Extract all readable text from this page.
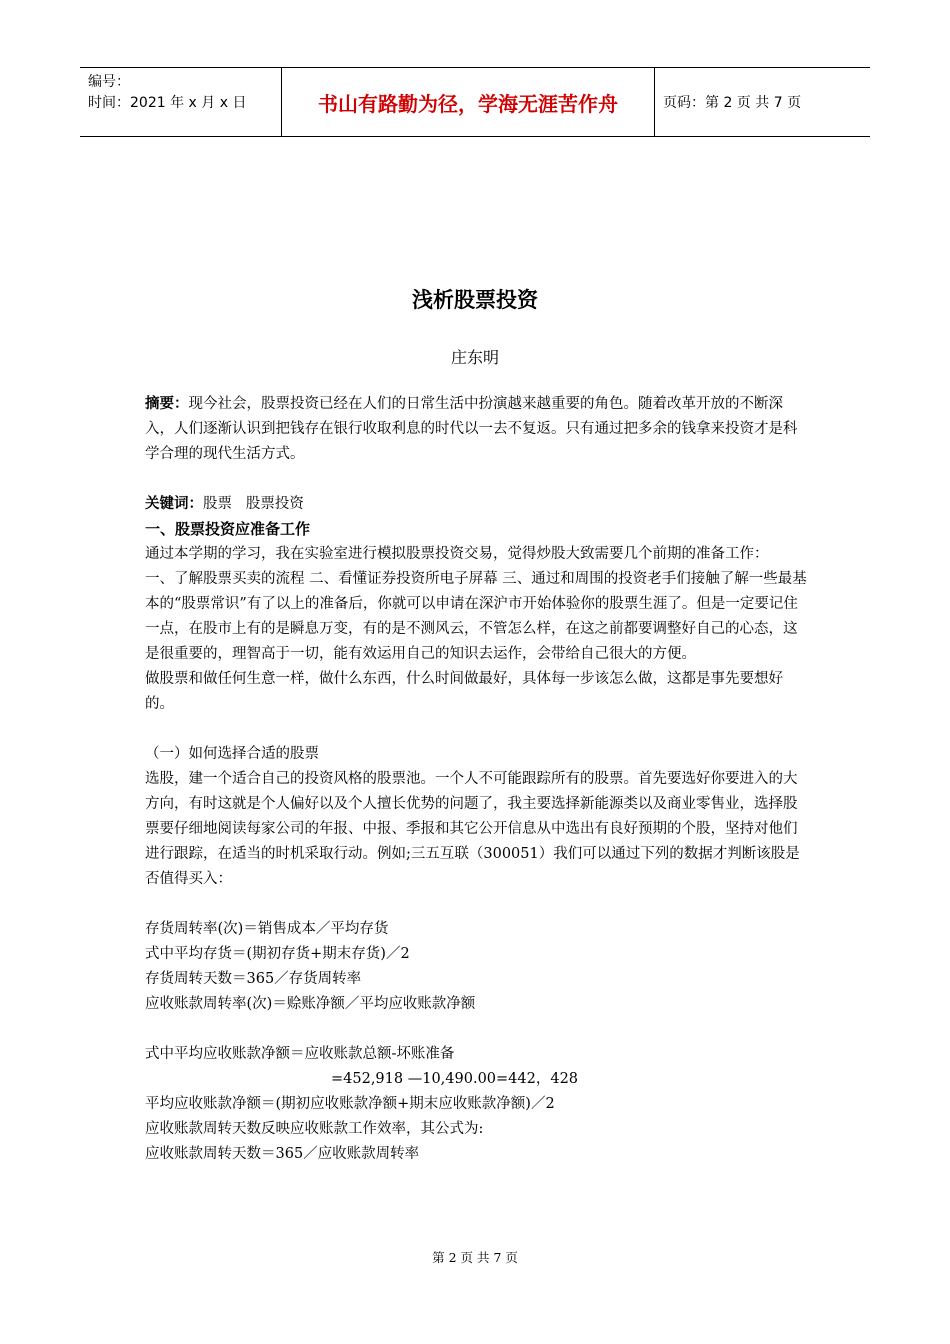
编号：
时间：2021 年 x 月 x 日	书山有路勤为径，学海无涯苦作舟	页码：第 2 页 共 7 页
浅析股票投资
庄东明

摘要：现今社会，股票投资已经在人们的日常生活中扮演越来越重要的角色。随着改革开放的不断深入，人们逐渐认识到把钱存在银行收取利息的时代以一去不复返。只有通过把多余的钱拿来投资才是科学合理的现代生活方式。

关键词：股票   股票投资

一、股票投资应准备工作

通过本学期的学习，我在实验室进行模拟股票投资交易，觉得炒股大致需要几个前期的准备工作：

一、了解股票买卖的流程 二、看懂证券投资所电子屏幕 三、通过和周围的投资老手们接触了解一些最基本的“股票常识”有了以上的准备后，你就可以申请在深沪市开始体验你的股票生涯了。但是一定要记住一点，在股市上有的是瞬息万变，有的是不测风云，不管怎么样，在这之前都要调整好自己的心态，这是很重要的，理智高于一切，能有效运用自己的知识去运作，会带给自己很大的方便。

做股票和做任何生意一样，做什么东西，什么时间做最好，具体每一步该怎么做，这都是事先要想好的。

（一）如何选择合适的股票

选股，建一个适合自己的投资风格的股票池。一个人不可能跟踪所有的股票。首先要选好你要进入的大方向，有时这就是个人偏好以及个人擅长优势的问题了，我主要选择新能源类以及商业零售业，选择股票要仔细地阅读每家公司的年报、中报、季报和其它公开信息从中选出有良好预期的个股，坚持对他们进行跟踪，在适当的时机采取行动。例如;三五互联（300051）我们可以通过下列的数据才判断该股是否值得买入：

存货周转率(次)＝销售成本／平均存货

式中平均存货＝(期初存货+期末存货)／2

存货周转天数＝365／存货周转率

应收账款周转率(次)＝赊账净额／平均应收账款净额

式中平均应收账款净额＝应收账款总额-坏账准备

=452,918 —10,490.00=442，428

平均应收账款净额＝(期初应收账款净额+期末应收账款净额)／2

应收账款周转天数反映应收账款工作效率，其公式为:

应收账款周转天数＝365／应收账款周转率

第 2 页 共 7 页
